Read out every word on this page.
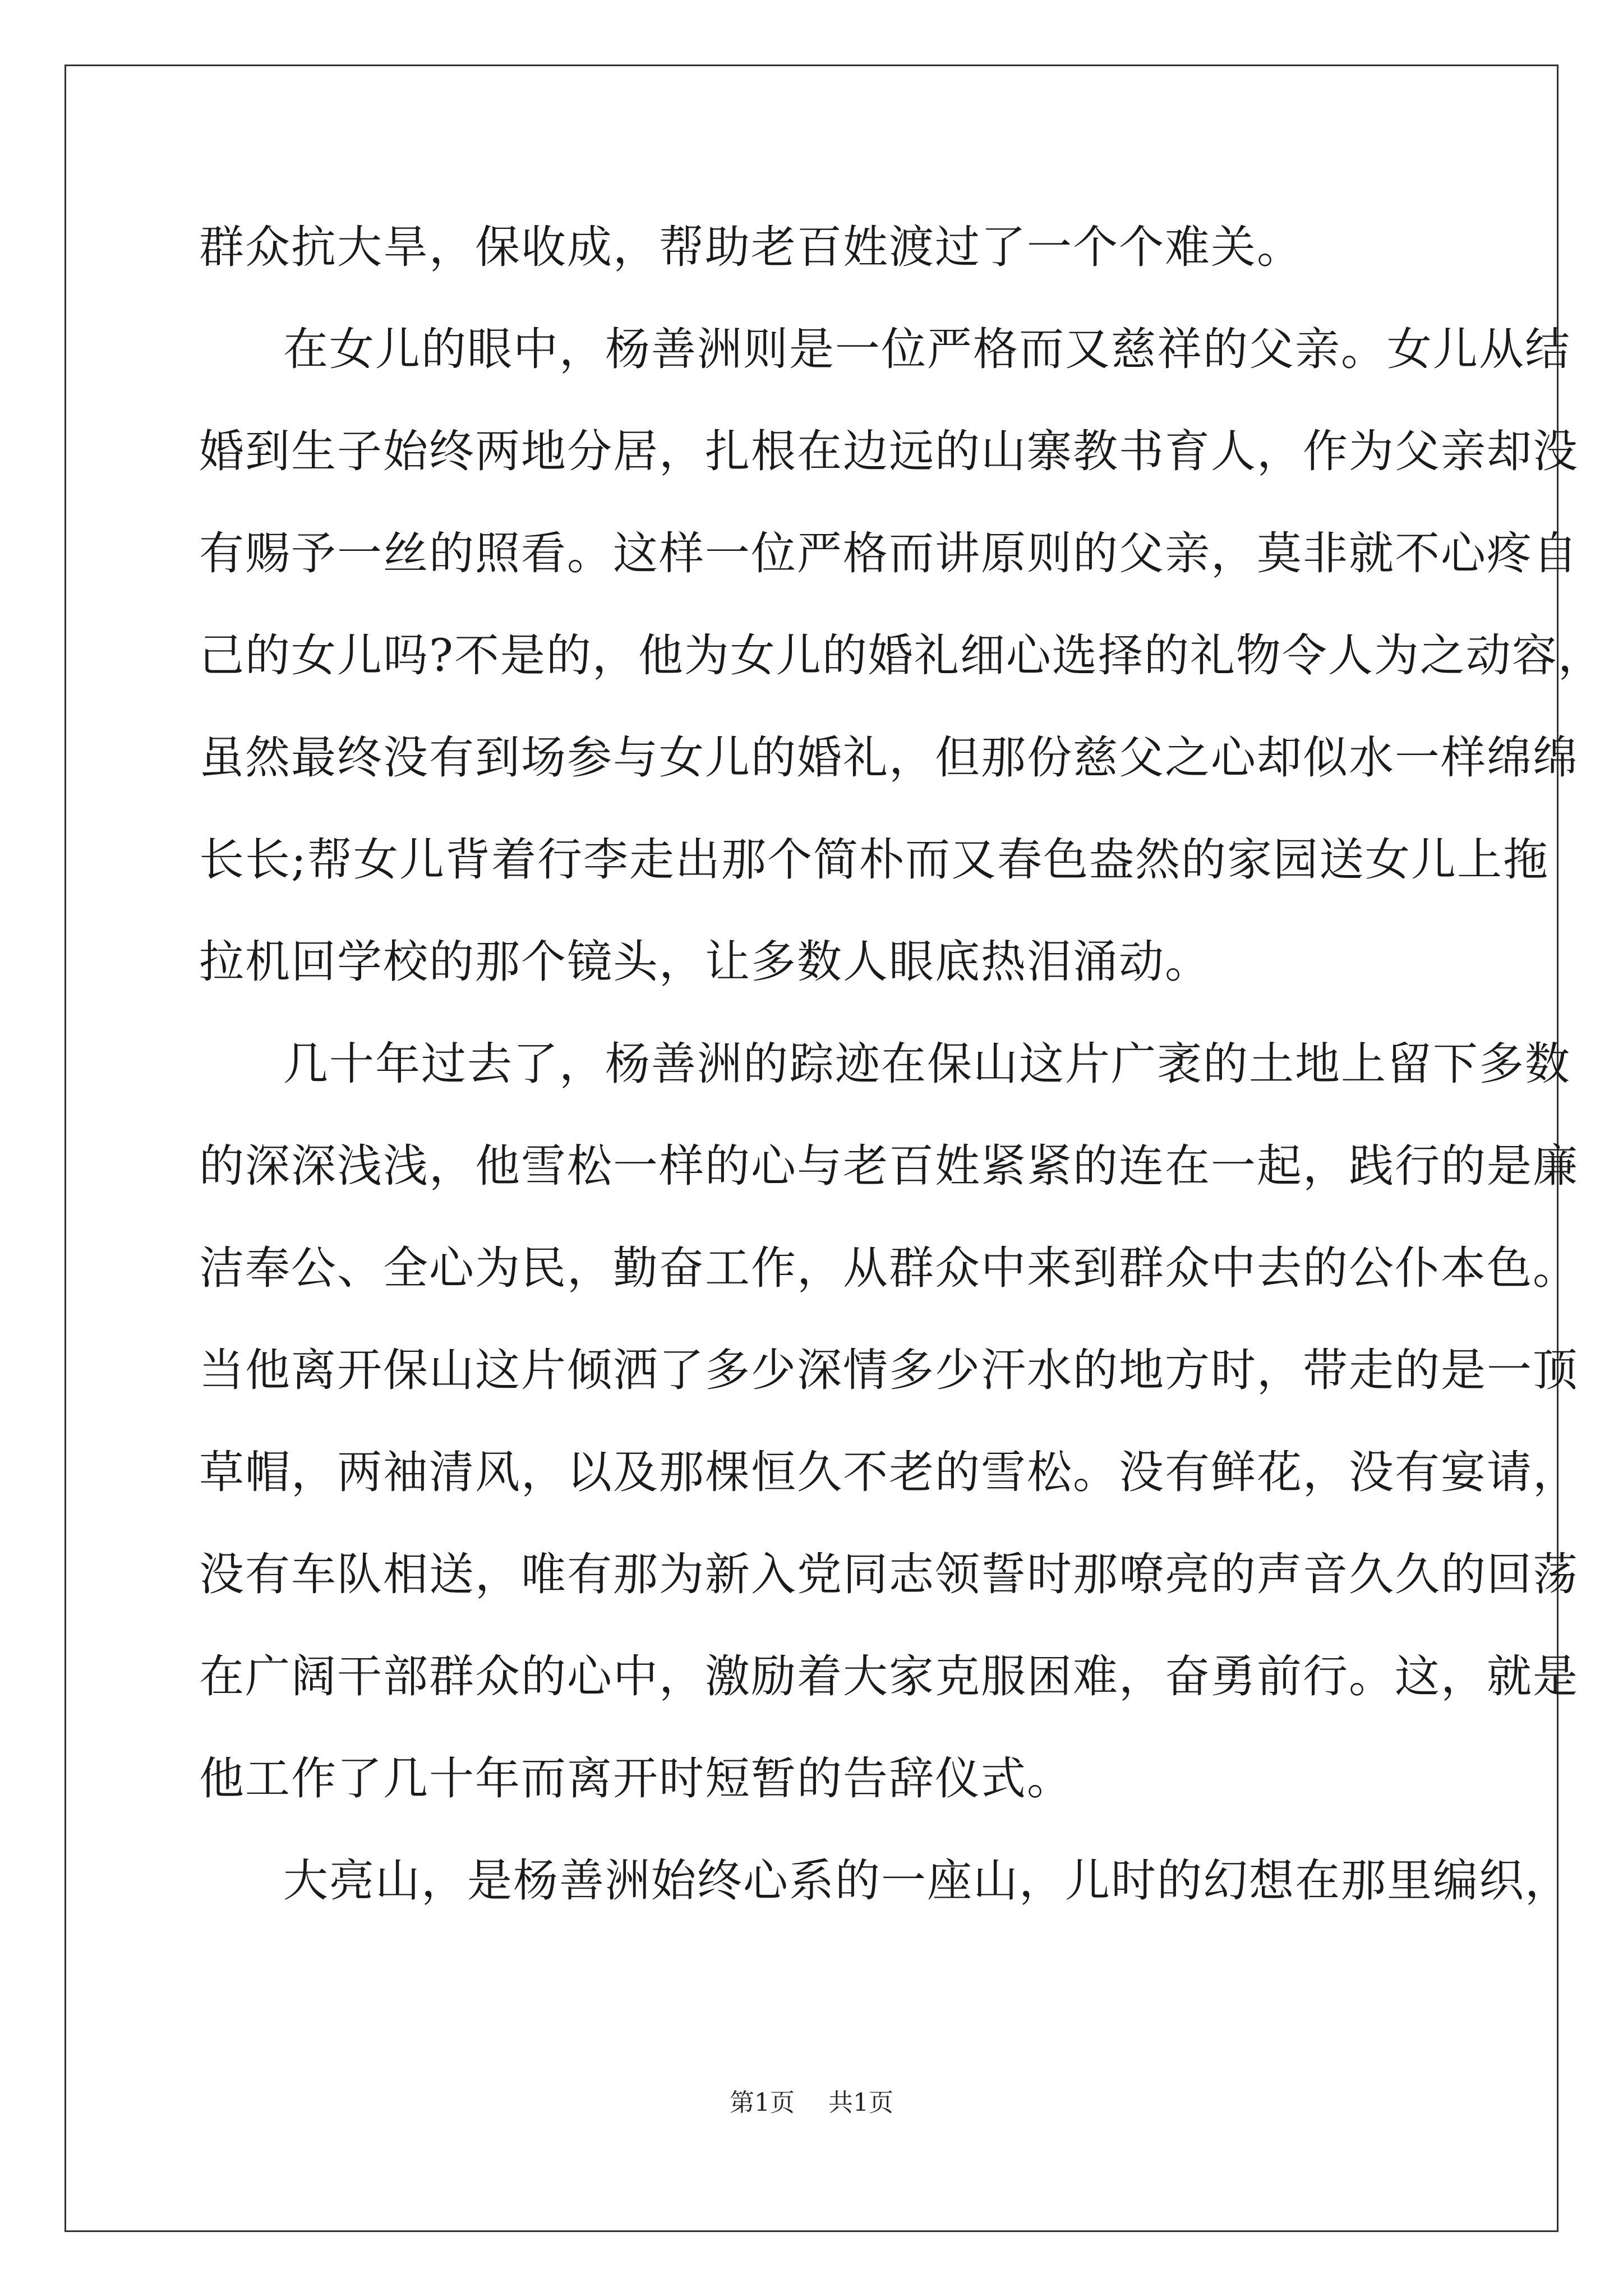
群众抗大旱，保收成，帮助老百姓渡过了一个个难关。
在女儿的眼中，杨善洲则是一位严格而又慈祥的父亲。女儿从结
婚到生子始终两地分居，扎根在边远的山寨教书育人，作为父亲却没
有赐予一丝的照看。这样一位严格而讲原则的父亲，莫非就不心疼自
己的女儿吗?不是的，他为女儿的婚礼细心选择的礼物令人为之动容，
虽然最终没有到场参与女儿的婚礼，但那份慈父之心却似水一样绵绵
长长;帮女儿背着行李走出那个简朴而又春色盎然的家园送女儿上拖
拉机回学校的那个镜头，让多数人眼底热泪涌动。
几十年过去了，杨善洲的踪迹在保山这片广袤的土地上留下多数
的深深浅浅，他雪松一样的心与老百姓紧紧的连在一起，践行的是廉
洁奉公、全心为民，勤奋工作，从群众中来到群众中去的公仆本色。
当他离开保山这片倾洒了多少深情多少汗水的地方时，带走的是一顶
草帽，两袖清风，以及那棵恒久不老的雪松。没有鲜花，没有宴请，
没有车队相送，唯有那为新入党同志领誓时那嘹亮的声音久久的回荡
在广阔干部群众的心中，激励着大家克服困难，奋勇前行。这，就是
他工作了几十年而离开时短暂的告辞仪式。
大亮山，是杨善洲始终心系的一座山，儿时的幻想在那里编织，
第1页 共1页
